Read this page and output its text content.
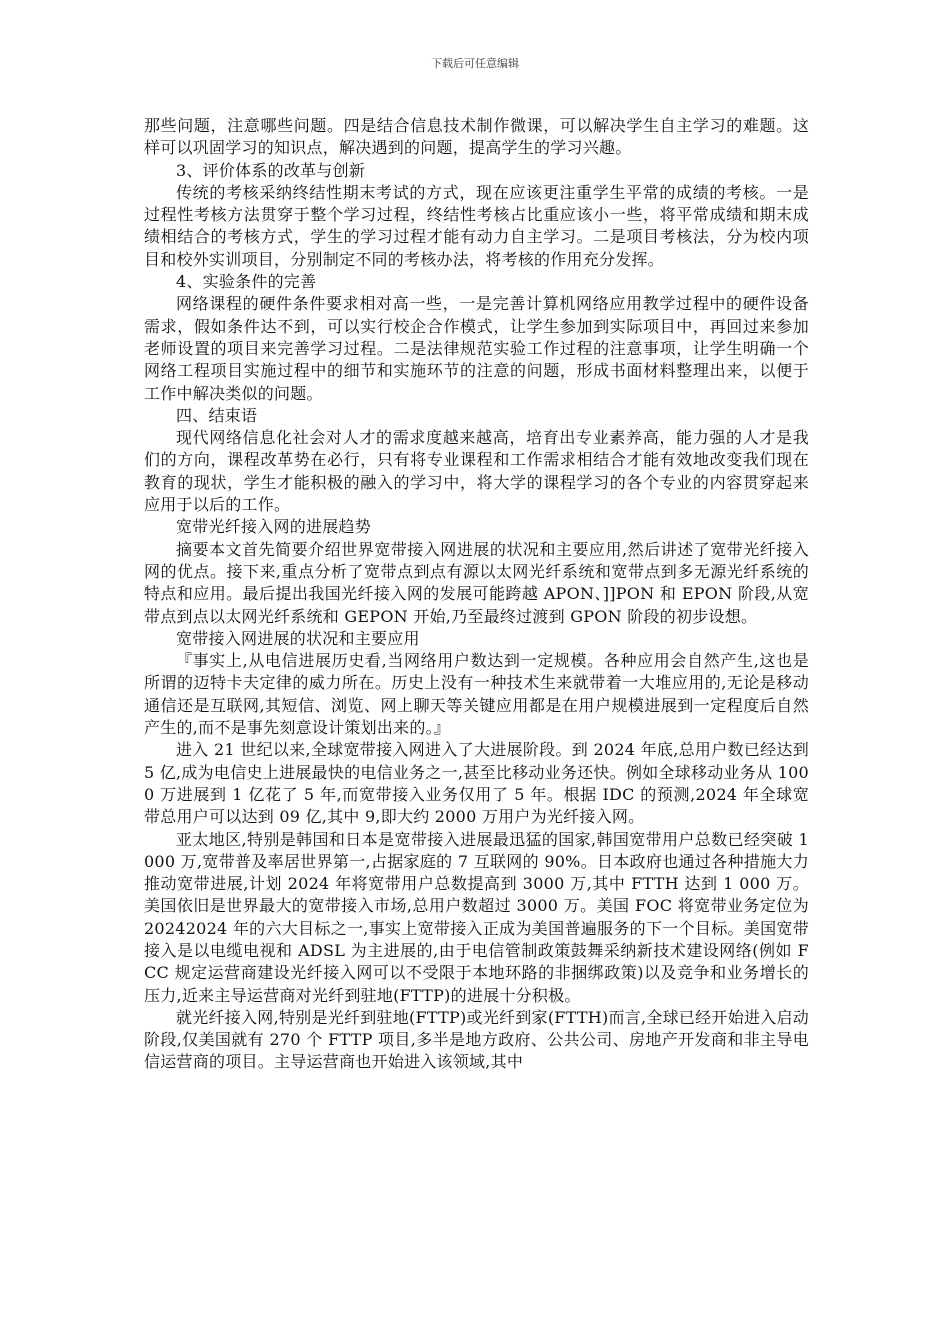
下载后可任意编辑

那些问题，注意哪些问题。四是结合信息技术制作微课，可以解决学生自主学习的难题。这样可以巩固学习的知识点，解决遇到的问题，提高学生的学习兴趣。

3、评价体系的改革与创新

传统的考核采纳终结性期末考试的方式，现在应该更注重学生平常的成绩的考核。一是过程性考核方法贯穿于整个学习过程，终结性考核占比重应该小一些，将平常成绩和期末成绩相结合的考核方式，学生的学习过程才能有动力自主学习。二是项目考核法，分为校内项目和校外实训项目，分别制定不同的考核办法，将考核的作用充分发挥。

4、实验条件的完善

网络课程的硬件条件要求相对高一些，一是完善计算机网络应用教学过程中的硬件设备需求，假如条件达不到，可以实行校企合作模式，让学生参加到实际项目中，再回过来参加老师设置的项目来完善学习过程。二是法律规范实验工作过程的注意事项，让学生明确一个网络工程项目实施过程中的细节和实施环节的注意的问题，形成书面材料整理出来，以便于工作中解决类似的问题。

四、结束语

现代网络信息化社会对人才的需求度越来越高，培育出专业素养高，能力强的人才是我们的方向，课程改革势在必行，只有将专业课程和工作需求相结合才能有效地改变我们现在教育的现状，学生才能积极的融入的学习中，将大学的课程学习的各个专业的内容贯穿起来应用于以后的工作。

宽带光纤接入网的进展趋势

摘要本文首先简要介绍世界宽带接入网进展的状况和主要应用,然后讲述了宽带光纤接入网的优点。接下来,重点分析了宽带点到点有源以太网光纤系统和宽带点到多无源光纤系统的特点和应用。最后提出我国光纤接入网的发展可能跨越 APON、]]PON 和 EPON 阶段,从宽带点到点以太网光纤系统和 GEPON 开始,乃至最终过渡到 GPON 阶段的初步设想。

宽带接入网进展的状况和主要应用

『事实上,从电信进展历史看,当网络用户数达到一定规模。各种应用会自然产生,这也是所谓的迈特卡夫定律的威力所在。历史上没有一种技术生来就带着一大堆应用的,无论是移动通信还是互联网,其短信、浏览、网上聊天等关键应用都是在用户规模进展到一定程度后自然产生的,而不是事先刻意设计策划出来的。』

进入 21 世纪以来,全球宽带接入网进入了大进展阶段。到 2024 年底,总用户数已经达到 5 亿,成为电信史上进展最快的电信业务之一,甚至比移动业务还快。例如全球移动业务从 1000 万进展到 1 亿花了 5 年,而宽带接入业务仅用了 5 年。根据 IDC 的预测,2024 年全球宽带总用户可以达到 09 亿,其中 9,即大约 2000 万用户为光纤接入网。

亚太地区,特别是韩国和日本是宽带接入进展最迅猛的国家,韩国宽带用户总数已经突破 1000 万,宽带普及率居世界第一,占据家庭的 7 互联网的 90%。日本政府也通过各种措施大力推动宽带进展,计划 2024 年将宽带用户总数提高到 3000 万,其中 FTTH 达到 1 000 万。美国依旧是世界最大的宽带接入市场,总用户数超过 3000 万。美国 FOC 将宽带业务定位为 20242024 年的六大目标之一,事实上宽带接入正成为美国普遍服务的下一个目标。美国宽带接入是以电缆电视和 ADSL 为主进展的,由于电信管制政策鼓舞采纳新技术建设网络(例如 FCC 规定运营商建设光纤接入网可以不受限于本地环路的非捆绑政策)以及竞争和业务增长的压力,近来主导运营商对光纤到驻地(FTTP)的进展十分积极。

就光纤接入网,特别是光纤到驻地(FTTP)或光纤到家(FTTH)而言,全球已经开始进入启动阶段,仅美国就有 270 个 FTTP 项目,多半是地方政府、公共公司、房地产开发商和非主导电信运营商的项目。主导运营商也开始进入该领域,其中
